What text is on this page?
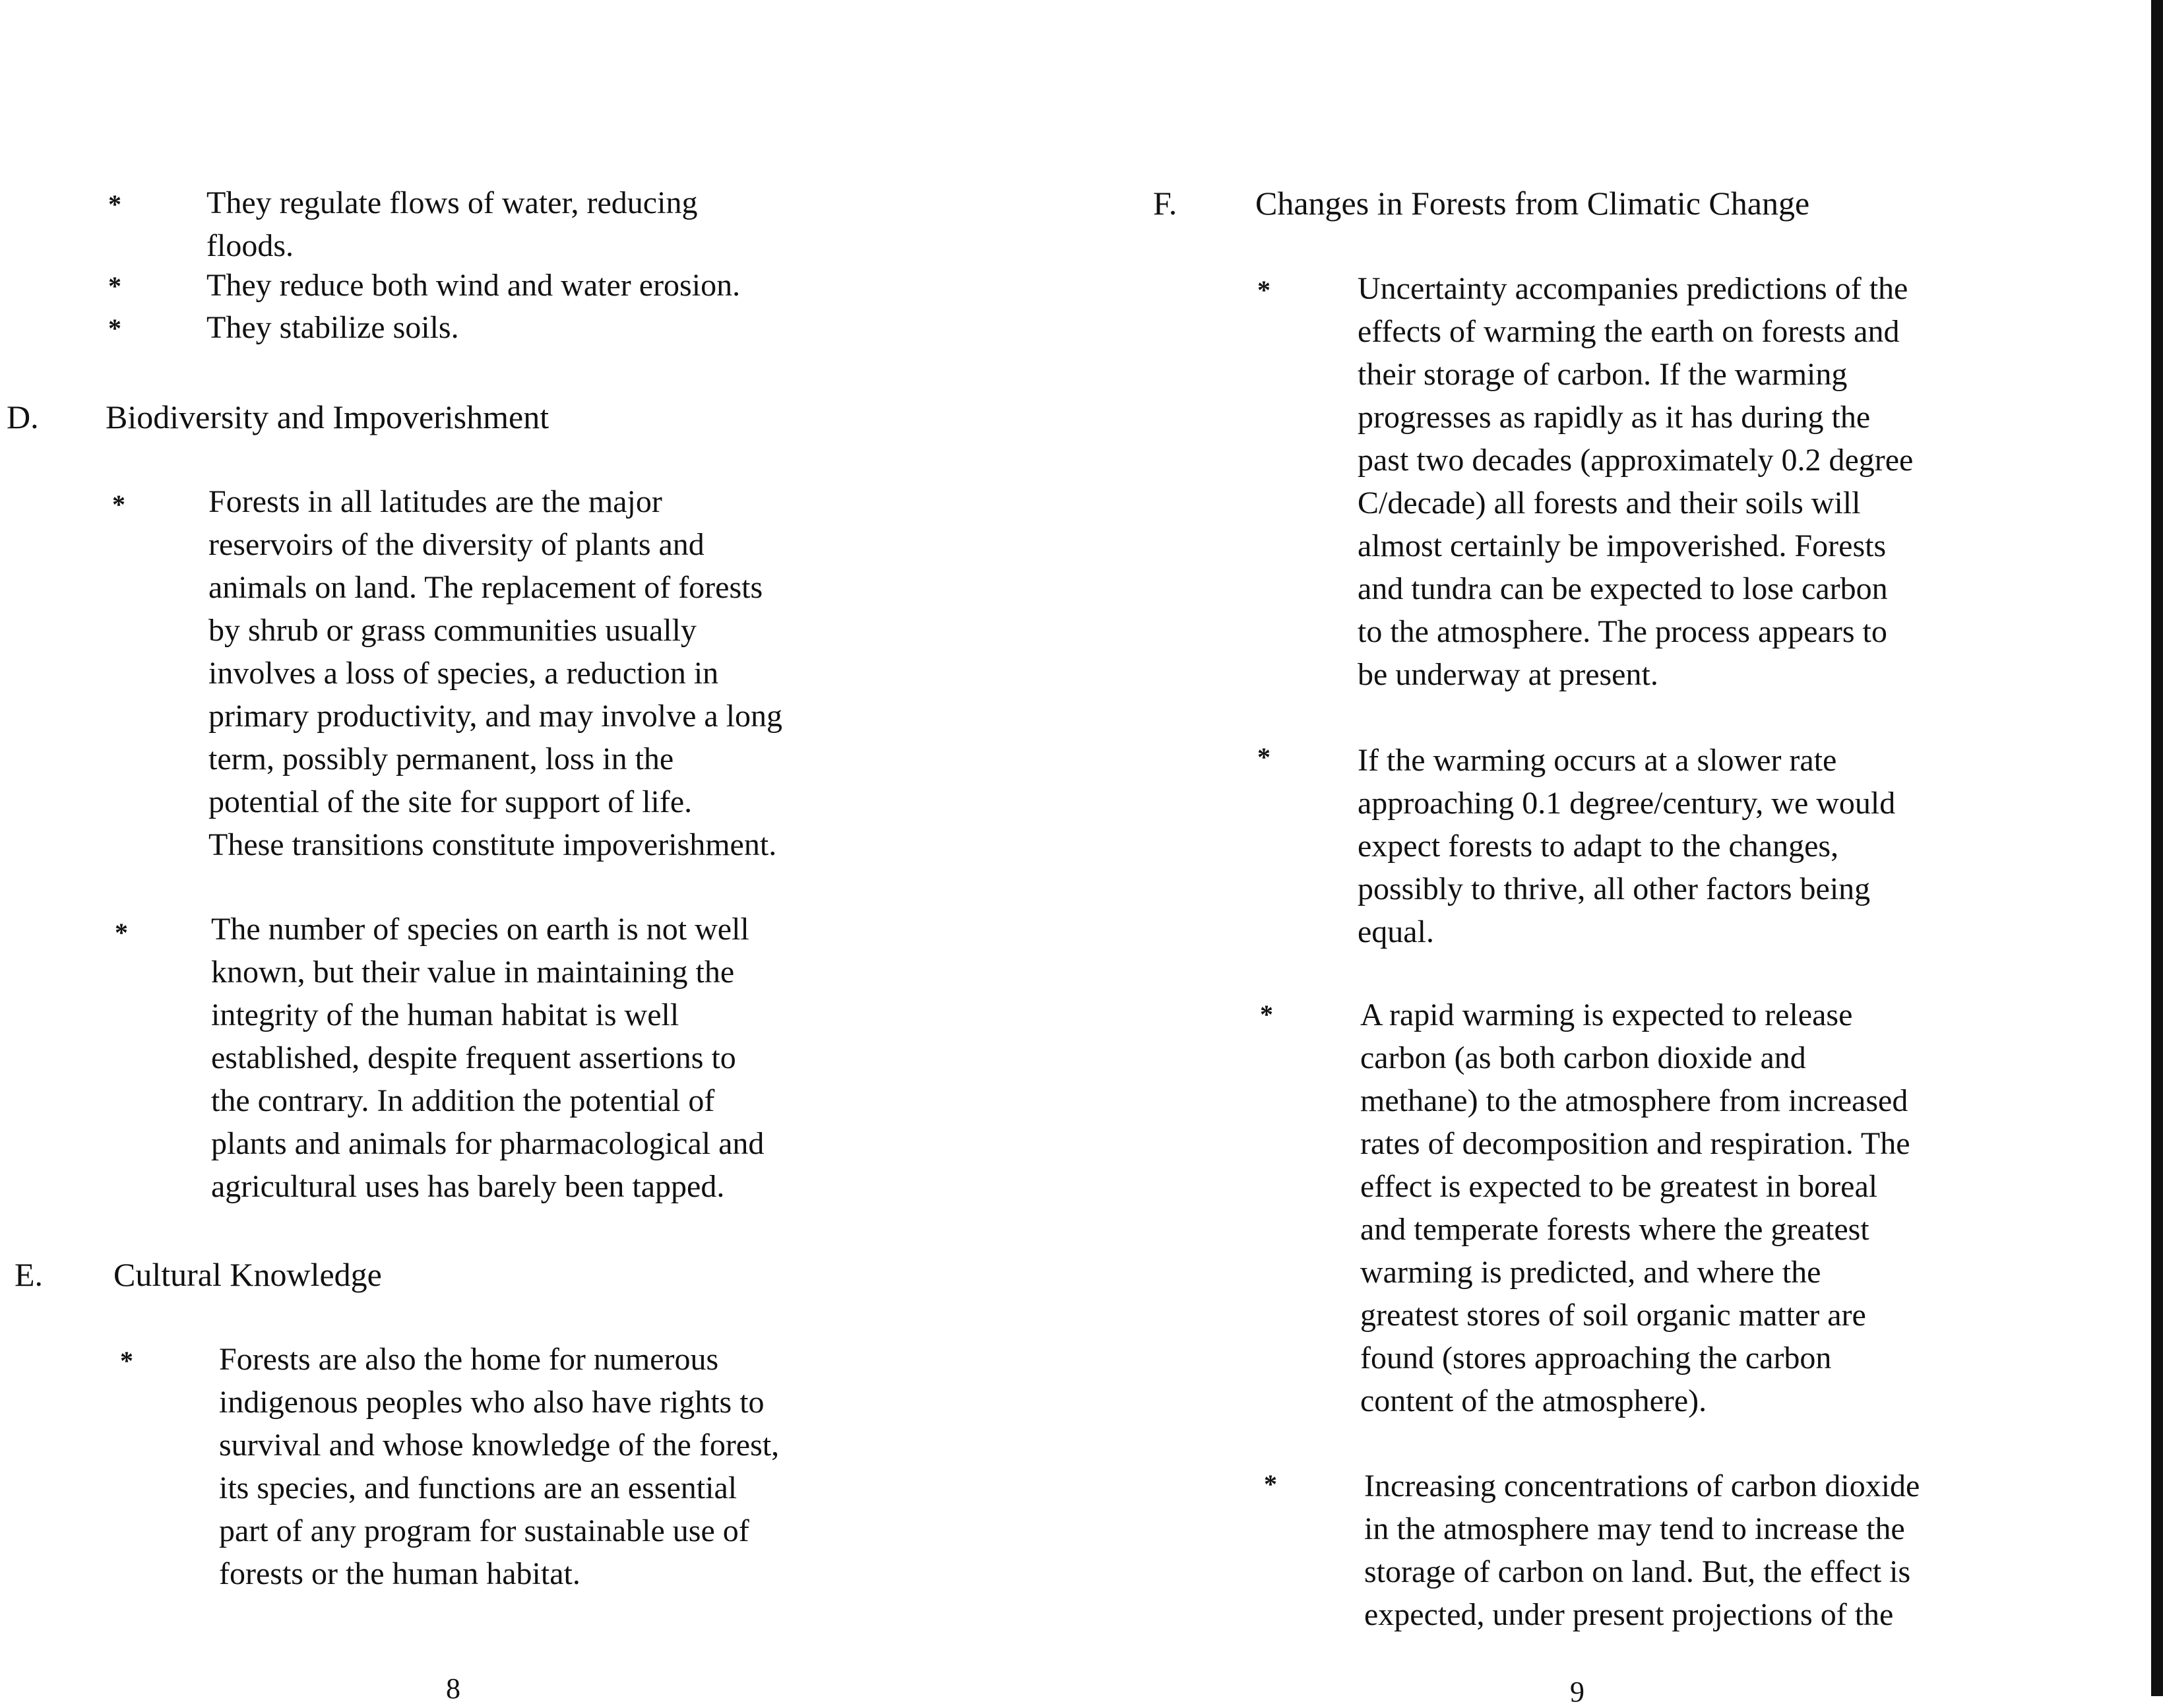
*	They regulate flows of water, reducing
floods.
*	They reduce both wind and water erosion.
*	They stabilize soils.
D. Biodiversity and Impoverishment
*	Forests in all latitudes are the major
reservoirs of the diversity of plants and
animals on land. The replacement of forests
by shrub or grass communities usually
involves a loss of species, a reduction in
primary productivity, and may involve a long
term, possibly permanent, loss in the
potential of the site for support of life.
These transitions constitute impoverishment.
*	The number of species on earth is not well
known, but their value in maintaining the
integrity of the human habitat is well
established, despite frequent assertions to
the contrary. In addition the potential of
plants and animals for pharmacological and
agricultural uses has barely been tapped.
E. Cultural Knowledge
*	Forests are also the home for numerous
indigenous peoples who also have rights to
survival and whose knowledge of the forest,
its species, and functions are an essential
part of any program for sustainable use of
forests or the human habitat.
8
F. Changes in Forests from Climatic Change
*	Uncertainty accompanies predictions of the
effects of warming the earth on forests and
their storage of carbon. If the warming
progresses as rapidly as it has during the
past two decades (approximately 0.2 degree
C/decade) all forests and their soils will
almost certainly be impoverished. Forests
and tundra can be expected to lose carbon
to the atmosphere. The process appears to
be underway at present.
*	If the warming occurs at a slower rate
approaching 0.1 degree/century, we would
expect forests to adapt to the changes,
possibly to thrive, all other factors being
equal.
*	A rapid warming is expected to release
carbon (as both carbon dioxide and
methane) to the atmosphere from increased
rates of decomposition and respiration. The
effect is expected to be greatest in boreal
and temperate forests where the greatest
warming is predicted, and where the
greatest stores of soil organic matter are
found (stores approaching the carbon
content of the atmosphere).
*	Increasing concentrations of carbon dioxide
in the atmosphere may tend to increase the
storage of carbon on land. But, the effect is
expected, under present projections of the
9
